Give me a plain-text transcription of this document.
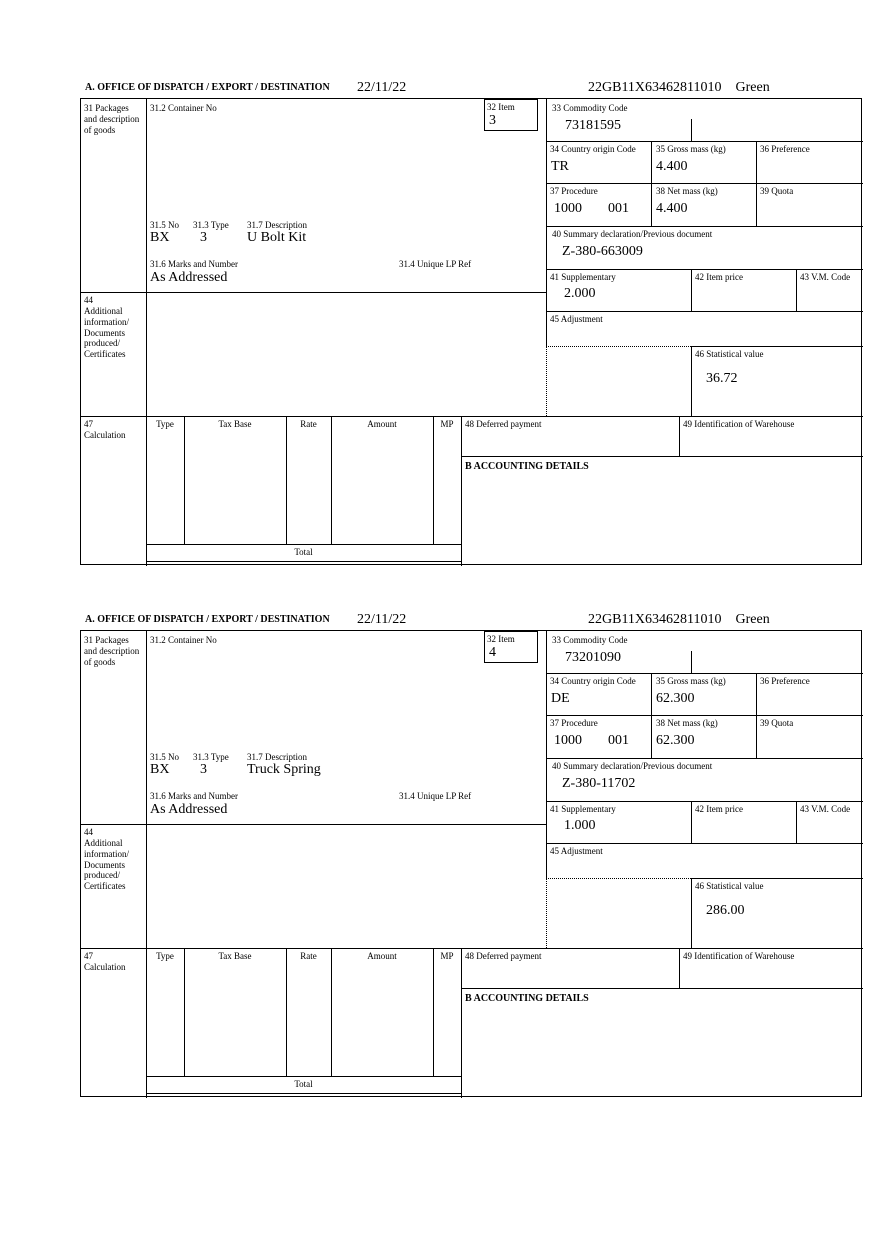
A. OFFICE OF DISPATCH / EXPORT / DESTINATION 22/11/22	22GB11X63462811010 Green
31 Packages and description of goods
31.2 Container No	32 Item
3
33 Commodity Code
73181595
34 Country origin Code
TR
35 Gross mass (kg)
4.400
36 Preference
37 Procedure
1000 001
38 Net mass (kg)
4.400
39 Quota
40 Summary declaration/Previous document
Z-380-663009
31.5 No 31.3 Type 31.7 Description
BX 3	U Bolt Kit
31.6 Marks and Number	31.4 Unique LP Ref
As Addressed	41 Supplementary
2.000
42 Item price	43 V.M. Code
44
Additional information/ Documents produced/ Certificates
45 Adjustment
46 Statistical value
36.72
47 Calculation
Type	Tax Base	Rate	Amount	MP
Total
48 Deferred payment	49 Identification of Warehouse
B ACCOUNTING DETAILS
A. OFFICE OF DISPATCH / EXPORT / DESTINATION 22/11/22	22GB11X63462811010 Green
31 Packages and description of goods
31.2 Container No	32 Item
4
33 Commodity Code
73201090
34 Country origin Code
DE
35 Gross mass (kg)
62.300
36 Preference
37 Procedure
1000 001
38 Net mass (kg)
62.300
39 Quota
40 Summary declaration/Previous document
Z-380-11702
31.5 No 31.3 Type 31.7 Description
BX 3	Truck Spring
31.6 Marks and Number	31.4 Unique LP Ref
As Addressed	41 Supplementary
1.000
42 Item price	43 V.M. Code
44
Additional information/ Documents produced/ Certificates
45 Adjustment
46 Statistical value
286.00
47 Calculation
Type	Tax Base	Rate	Amount	MP
Total
48 Deferred payment	49 Identification of Warehouse
B ACCOUNTING DETAILS
